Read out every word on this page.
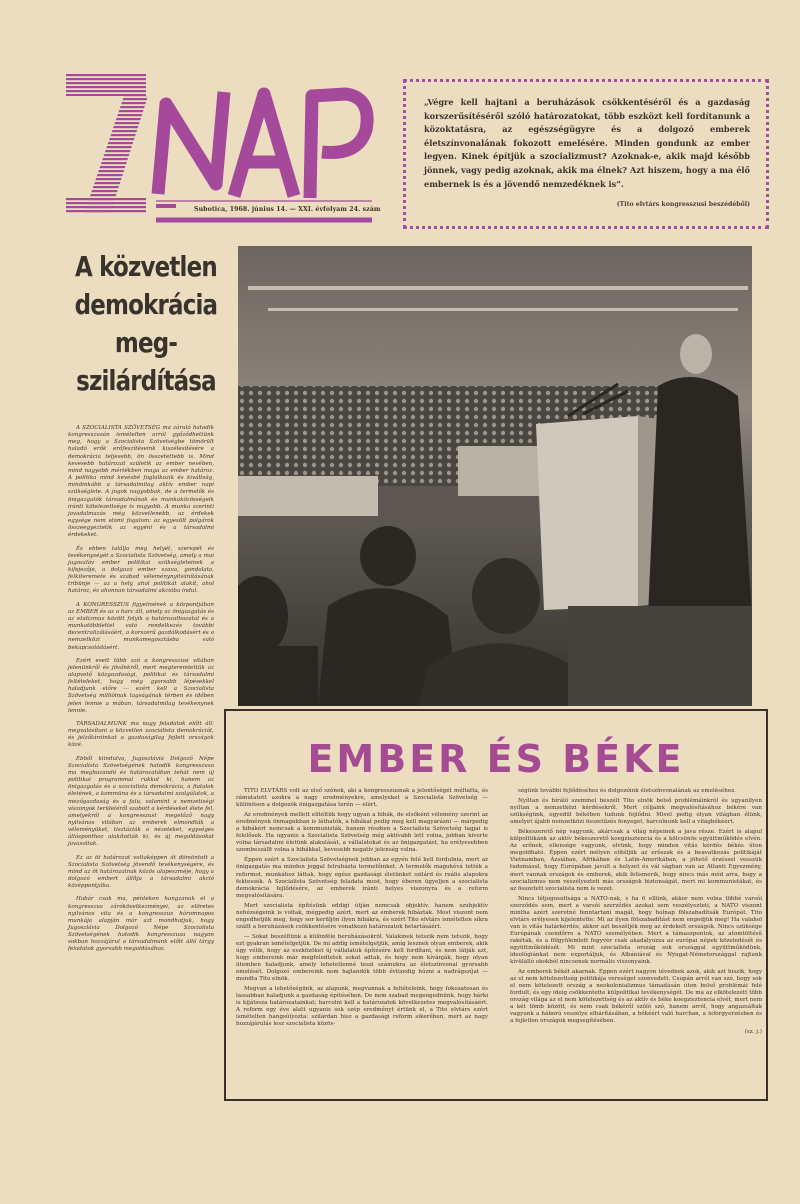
Subotica, 1968. június 14. — XXI. évfolyam 24. szám

„Végre kell hajtani a beruházások csökkentéséről és a gazdaság korszerűsítéséről szóló határozatokat, több eszközt kell fordítanunk a közoktatásra, az egészségügyre és a dolgozó emberek életszínvonalának fokozott emelésére. Minden gondunk az ember legyen. Kinek építjük a szocializmust? Azoknak-e, akik majd később jönnek, vagy pedig azoknak, akik ma élnek? Azt hiszem, hogy a ma élő embernek is és a jövendő nemzedéknek is”.

(Tito elvtárs kongresszusi beszédéből)
A közvetlen
demokrácia
meg-
szilárdítása

A SZOCIALISTA SZÖVETSÉG ma záruló hatodik kongresszusán ismételten arról győződhettünk meg, hogy a Szocialista Szövetségbe tömörült haladó erők erőfeszítéseink kiszélesítésére a demokrácia teljesebb, ön összetettebb is. Mind kevesebb határozat születik az ember nevében, mind nagyobb mértékben maga az ember határoz. A politika mind kevésbé foglalkozik és kiváltság, mindinkább a társadalmilag aktív ember napi szükséglete. A jogok nagyobbak, de a termelők és önigazgatók társadalmának és munkaközösségeik iránti kötelezettsége is nagyobb. A munka szerinti javadalmazás még közvetlenebb, az érdekek egysége nem stomi fogalom: az egyesült polgárok összeegyeztetik az egyéni és a társadalmi érdekeket.

És ebben találja meg helyét, szerepét és tevékenységét a Szocialista Szövetség, amely a mai jugoszláv ember politikai szükségleteinek a kifejezője, a dolgozó ember szava, gondolata, felkiteremete és szabad véleménynyilvánításának tribünje — az a hely, ahol politikát alakít, ahol határoz, és ahonnan társadalmi akcióba indul.

A KONGRESSZUS figyelmének a központjában az EMBER és az a harc áll, amely az önigazgatás és az etatizmus között folyik a határozathozatal és a munkatöbblettel való rendelkezés további decentralizálásáért, a korszerű gazdálkodásért és a nemzetközi munkamegosztásba való bekapcsolódásért.

Ezért esett több szó a kongresszusi vitában jelenünkről és jövőnkről, mert megteremtettük az alapvető közgazdasági, politikai és társadalmi feltételeket, hogy még gyorsabb lépésekkel haladjunk előre — ezért kell a Szocialista Szövetség millióinak tagságának térben és időben jelen lennie a mában, társadalmilag tevékenynek lennie.

TÁRSADALMUNK ma nagy feladatok előtt áll: megvalósítani a közvetlen szocialista demokráciát, és jelzőtáróinkat a gazdaságilag fejlett országok közé.

Ebből kiindulva, Jugoszlávia Dolgozó Népe Szocialista Szövetségének hatodik kongresszusa ma meghozandó és határozatában tehát nem új politikai programmal rukkol ki, hanem az önigazgatás és a szocialista demokrácia, a fiatalok életének, a kommüna és a társadalmi szolgálatok, a mezőgazdaság és a falu, valamint a nemzetiségi viszonyok területéről szabott a kérdéseket élete fel, amelyekről a kongresszust megelőző nagy nyilvános vitában az emberek elmondták a véleményüket, tisztázták a nézeteket, egységes állásponthoz alakították ki, és új megoldásokat javasoltak.

Ez az öt határozat voltaképpen át dömöntott a Szocialista Szövetség jövendő tevékenységére, és mind az öt határozatnak közös alapeszméje, hogy a dolgozó embert állítja a társadalmi akció középpontjába.

Habár csak ma, pénteken hangzanak el a kongresszus zárókövetkezményei, az elöretes nyilvános vita és a kongresszus háromnapos munkája alapján már azt mondhatjuk, hogy Jugoszlávia Dolgozó Népe Szocialista Szövetségének hatodik kongresszusa nagyon sokban hozzájárul a társadalmunk előtt álló tárgy feladatok gyorsabb megoldásához.

EMBER ÉS BÉKE

TITO ELVTÁRS volt az első szónok, aki a kongresszusnak a jelentőségét méltatta, és rámutatott azokra a nagy eredményekre, amelyeket a Szocialista Szövetség — különösen a dolgozók önigazgatása terén — elért.

Az eredmények mellett elítéltük hogy ugyan a hibák, de elsőként vélemény szerint az eredmények önmagukban is láthatók, a hibákat pedig meg kell magyarázni — márpedig a hibákért nemcsak a kommunisták, hanem részben a Szocialista Szövetség tagjai is felelősek. Ha ugyanis a Szocialista Szövetség még aktívabb lett volna, jobban kiverte volna társadalmi életünk alakulását, a vállalatokat és az önigazgatást, ha erélyesebben szembeszállt volna a hibákkal, kevesebb negatív jelenség volna.

Éppen ezért a Szocialista Szövetségnek jobban az egyén felé kell fordulnia, mert az önigazgatás ma minden joggal felruházta termelőinket. A termelők magukévá tették a reformot, munkához láttak, hogy egész gazdasági életünket szilárd és reális alapokra fektessék. A Szocialista Szövetség feladata most, hogy éberen ügyeljen a szocialista demokrácia fejlődésére, az emberek iránti helyes viszonyra és a reform megvalósítására.

Mert szocialista építésünk eddigi útján nemcsak objektív, hanem szubjektív nehézségeink is voltak, mégpedig azért, mert az emberek hibáztak. Most viszont nem engedhetjük meg, hogy sor kerüljön ilyen hibákra, és ezért Tito elvtárs ismételten síkra szállt a beruházások csökkentésére vonatkozó határozatok betartásáért.

— Sokat beszéltünk a különféle beruházásokról. Valakinek tetszik nem tetszik, hogy ezt gyakran ismételgetjük. De mi addig ismételgetjük, amíg lesznek olyan emberek, akik úgy vélik, hogy az eszközöket új vállalatok építésére kell fordítani, és nem látják azt, hogy embereink már megfeledtetek sokat adtak, és hogy nem kívánják, hogy olyan ütemben haladjunk, amely lehetetlenné teszi számukra az életszínvonal gyorsabb emelését. Dolgozó embereink nem hajlandók több évtizedig húzni a nadrágszíjat — mondta Tito elnök.

Megvan a lehetőségünk, az alapunk, megvannak a feltételeink, hogy fokozatosan és lassabban haladjunk a gazdaság építésében. De nem szabad megengednünk, hogy bárki is kijátssza határozatainkat; barcolni kell a határozatok következetes megvalósításáért. A reform egy éve alatt ugyanis sok szép eredményt értünk el, a Tito elvtárs ezért ismételten hangsúlyozta: szilárdan hisz a gazdasági reform sikerében, mert az nagy hozzájárulás lesz szocialista közös-

ségünk további fejlődéséhez és dolgozóink életszínvonalának az emeléséhez.

Nyíltan és bíráló szemmel beszélt Tito elnök belső problémáinkról és ugyanilyen nyíltan a nemzetközi kérdésekről. Mert céljaink megvalósításához békére van szükségünk, egyedül békében tudunk fejlődni. Mivel pedig olyan világban élünk, amelyet újabb nemzetközi összetűzés fenyeget, harcolnunk kell a világbékéért.

Békeszerető nép vagyunk, akárcsak a világ népeinek a java része. Ezért is alapul külpolitikánk az aktív békeszerető koegzisztencia és a kölcsönös együttműködés elvén. Az erőnek, ellensége vagyunk, elvünk, hogy minden vitás kérdés békés úton megoldható. Éppen ezért mélyen elítéljük az erőszak és a beavatkozás politikáját Vietnamban, Ázsiában, Afrikában és Latin-Amerikában, a jöhető érzéssel vesszük tudomásul, hogy Európában javult a helyzet és vál ságban van az Atlanti Egyezmény, mert vannak országok és emberek, akik felismerik, hogy nincs más mód arra, hogy a szocializmus nem veszélyezteti más országok biztonságát, mert mi kommunistákat, és az összetett szocialista nem is vezet.

Nincs létjogosultsága a NATO-nak, s ha 6 ellünk, akkor nem volna többé varsói szerződés sem, mert a varsói szerződés azokat sem veszélyezteti, a NATO viszont mintha azért szeretné fenntartani magát, hogy holnap fölszabadítsák Európát. Tito elvtárs erélyesen kijelentette: Mi az ilyen fölszabadítást nem engedjük meg! Ha valahol van is vitás határkérdés, akkor azt beszéljék meg az érdekelt országok. Nincs szüksége Európának csendőrre a NATO személyében. Mert a támaszpontok, az atomtöltésű rakéták, és a fölgyülemlett fegyver csak akadályozza az európai népek közeledését és együttműködését. Mi mint szocialista ország sok országgal együttműködünk, ideológiánkat nem exportáljuk, és Albániával és Nyugat-Németországgal rajtunk kívülálló okokból nincsenek normális viszonyaink.

Az emberek békét akarnak. Éppen ezért nagyon tévednek azok, akik azt hiszik, hogy az el nem kötelezettség politikája vereséget szenvedett. Csupán arról van szó, hogy sok el nem kötelezett ország a neokolonializmus támadásán úton belső problémái felé fordult, és egy ideig csökkentette külpolitikai tevékenységét. De ma az elkötelezett több ország világa az el nem kötelezettség és az aktív és béke koegzisztencia elvét, mert nem a két tömb között, és nem csak békéről szóló szó, hanem arról, hogy angazsáltak vagyunk a háború veszélye elhárításában, a békéért való harcban, a leforgyerzésben és a fejletlen országok megsegítésében.

(sz. j.)
